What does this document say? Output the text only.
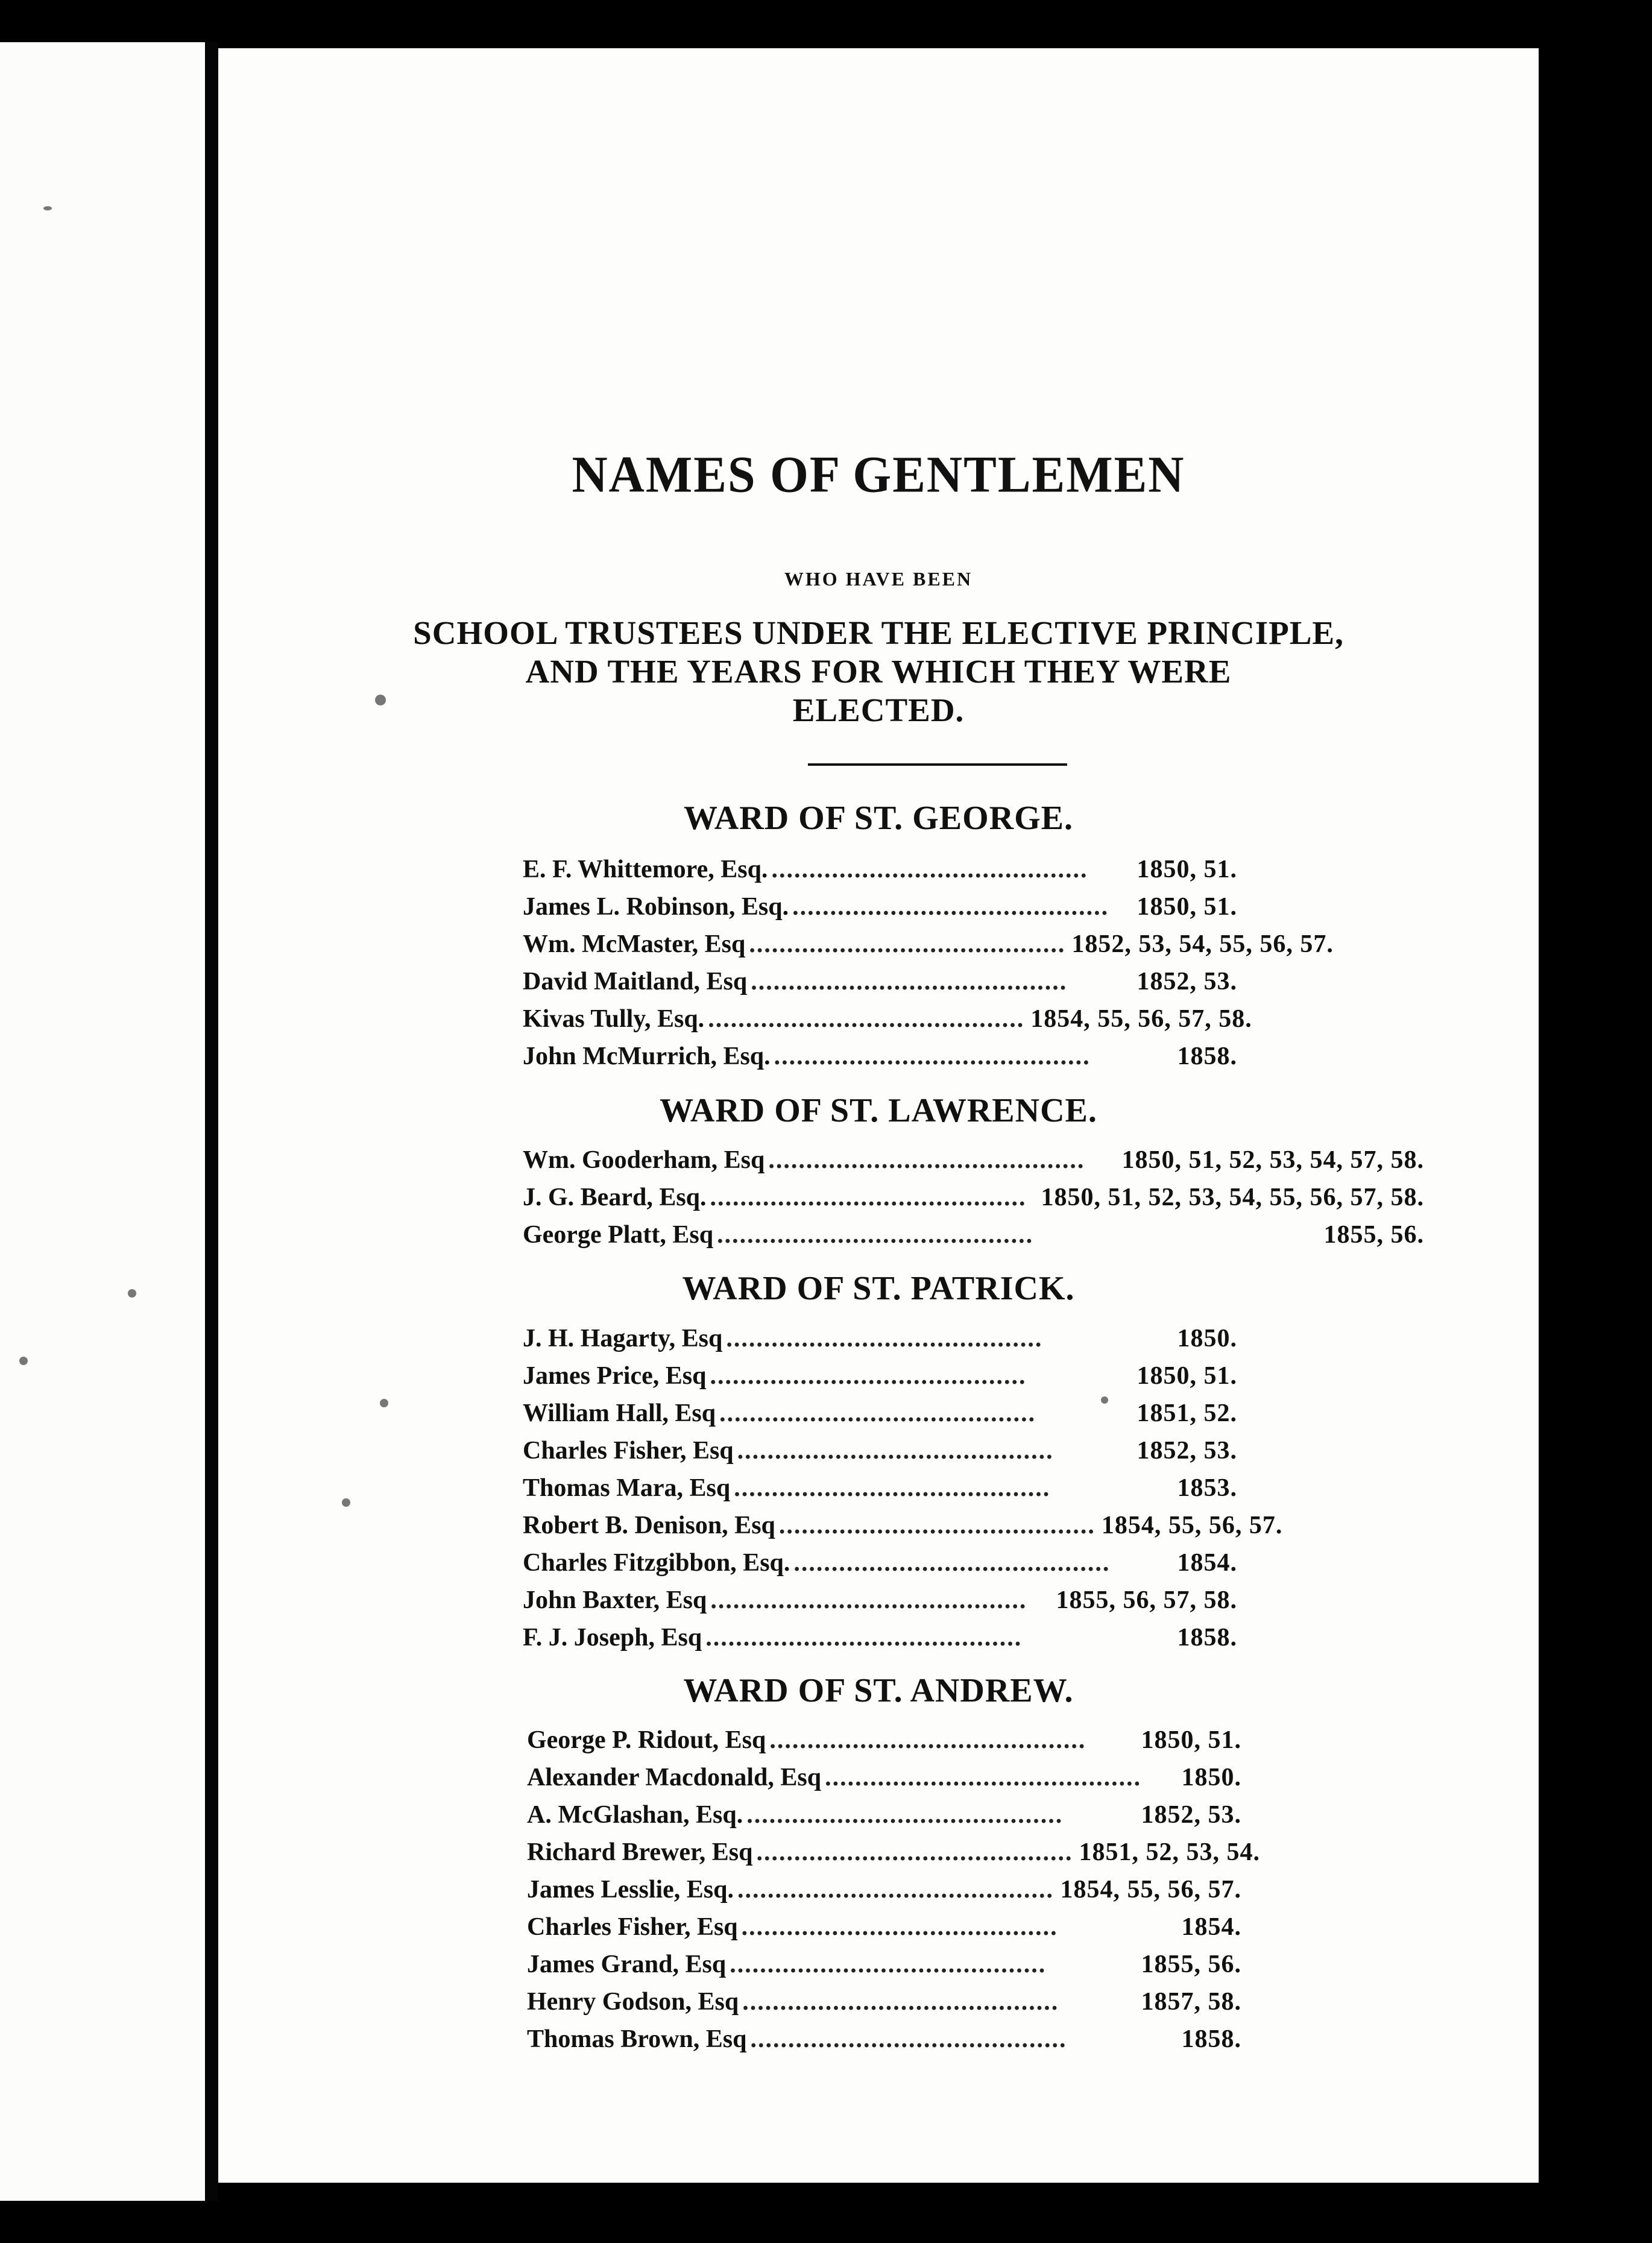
NAMES OF GENTLEMEN
WHO HAVE BEEN
SCHOOL TRUSTEES UNDER THE ELECTIVE PRINCIPLE,
AND THE YEARS FOR WHICH THEY WERE
ELECTED.
WARD OF ST. GEORGE.
E. F. Whittemore, Esq. ..........................................	1850, 51.
James L. Robinson, Esq. ..........................................	1850, 51.
Wm. McMaster, Esq .......................................... 1852, 53, 54, 55, 56, 57.
David Maitland, Esq ..........................................	1852, 53.
Kivas Tully, Esq. .......................................... 1854, 55, 56, 57, 58.
John McMurrich, Esq. ..........................................	1858.
WARD OF ST. LAWRENCE.
Wm. Gooderham, Esq ..........................................	1850, 51, 52, 53, 54, 57, 58.
J. G. Beard, Esq. .......................................... 1850, 51, 52, 53, 54, 55, 56, 57, 58.
George Platt, Esq ..........................................	1855, 56.
WARD OF ST. PATRICK.
J. H. Hagarty, Esq ..........................................	1850.
James Price, Esq ..........................................	1850, 51.
William Hall, Esq ..........................................	1851, 52.
Charles Fisher, Esq ..........................................	1852, 53.
Thomas Mara, Esq ..........................................	1853.
Robert B. Denison, Esq .......................................... 1854, 55, 56, 57.
Charles Fitzgibbon, Esq. ..........................................	1854.
John Baxter, Esq ..........................................	1855, 56, 57, 58.
F. J. Joseph, Esq ..........................................	1858.
WARD OF ST. ANDREW.
George P. Ridout, Esq ..........................................	1850, 51.
Alexander Macdonald, Esq ..........................................	1850.
A. McGlashan, Esq. ..........................................	1852, 53.
Richard Brewer, Esq .......................................... 1851, 52, 53, 54.
James Lesslie, Esq. .......................................... 1854, 55, 56, 57.
Charles Fisher, Esq ..........................................	1854.
James Grand, Esq ..........................................	1855, 56.
Henry Godson, Esq ..........................................	1857, 58.
Thomas Brown, Esq ..........................................	1858.
